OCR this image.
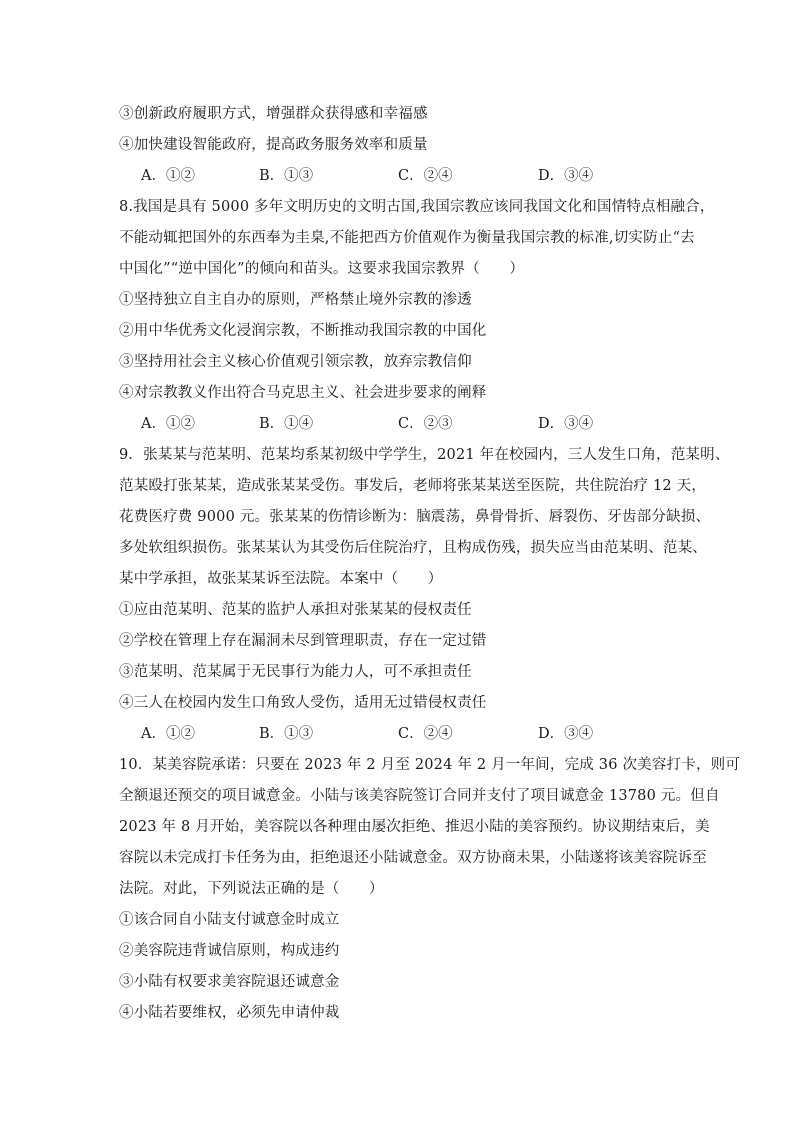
③创新政府履职方式，增强群众获得感和幸福感
④加快建设智能政府，提高政务服务效率和质量
A．①②	B．①③	C．②④	D．③④
8.我国是具有 5000 多年文明历史的文明古国,我国宗教应该同我国文化和国情特点相融合，
不能动辄把国外的东西奉为圭臬,不能把西方价值观作为衡量我国宗教的标准,切实防止“去
中国化”“逆中国化”的倾向和苗头。这要求我国宗教界（　　）
①坚持独立自主自办的原则，严格禁止境外宗教的渗透
②用中华优秀文化浸润宗教，不断推动我国宗教的中国化
③坚持用社会主义核心价值观引领宗教，放弃宗教信仰
④对宗教教义作出符合马克思主义、社会进步要求的阐释
A．①②	B．①④	C．②③	D．③④
9．张某某与范某明、范某均系某初级中学学生，2021 年在校园内，三人发生口角，范某明、
范某殴打张某某，造成张某某受伤。事发后，老师将张某某送至医院，共住院治疗 12 天，
花费医疗费 9000 元。张某某的伤情诊断为：脑震荡，鼻骨骨折、唇裂伤、牙齿部分缺损、
多处软组织损伤。张某某认为其受伤后住院治疗，且构成伤残，损失应当由范某明、范某、
某中学承担，故张某某诉至法院。本案中（　　）
①应由范某明、范某的监护人承担对张某某的侵权责任
②学校在管理上存在漏洞未尽到管理职责，存在一定过错
③范某明、范某属于无民事行为能力人，可不承担责任
④三人在校园内发生口角致人受伤，适用无过错侵权责任
A．①②	B．①③	C．②④	D．③④
10．某美容院承诺：只要在 2023 年 2 月至 2024 年 2 月一年间，完成 36 次美容打卡，则可
全额退还预交的项目诚意金。小陆与该美容院签订合同并支付了项目诚意金 13780 元。但自
2023 年 8 月开始，美容院以各种理由屡次拒绝、推迟小陆的美容预约。协议期结束后，美
容院以未完成打卡任务为由，拒绝退还小陆诚意金。双方协商未果，小陆遂将该美容院诉至
法院。对此，下列说法正确的是（　　）
①该合同自小陆支付诚意金时成立
②美容院违背诚信原则，构成违约
③小陆有权要求美容院退还诚意金
④小陆若要维权，必须先申请仲裁
